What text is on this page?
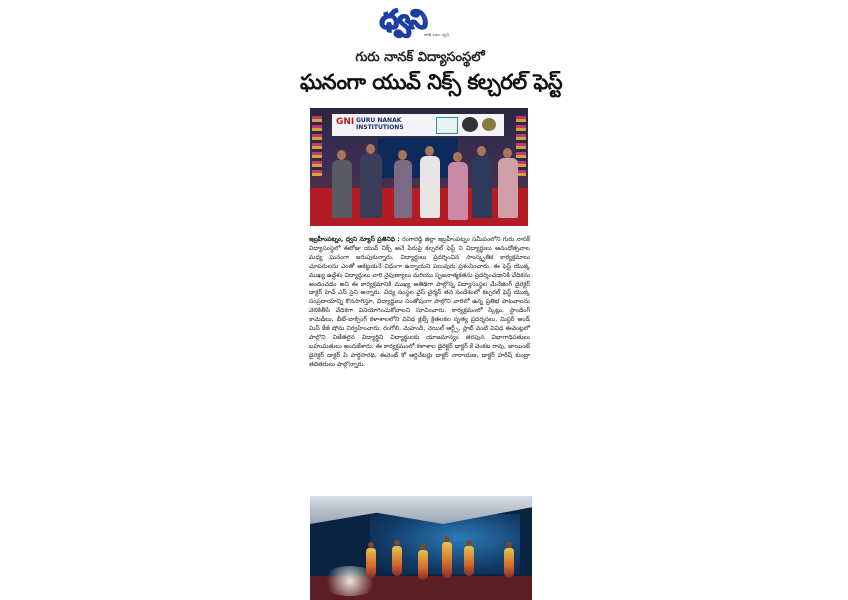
ధ్వని
జాతి బలం ధ్వని
గురు నానక్ విద్యాసంస్థలో
ఘనంగా యువ్ నిక్స్ కల్చరల్ ఫెస్ట్
GNI GURU NANAK
INSTITUTIONS
ఇబ్రహీంపట్నం, ధ్వని న్యూస్ ప్రతినిధి : రంగారెడ్డి జిల్లా ఇబ్రహీంపట్నం సమీపంలోని గురు నానక్ విద్యాసంస్థలో ఈరోజు యువ్ నిక్స్ అనే పేరుపై కల్చరల్ ఫెస్ట్ ని విద్యార్థులు ఆనందోత్సవాల మధ్య ఘనంగా జరుపుకున్నారు. విద్యార్థులు ప్రదర్శించిన సాంస్కృతిక కార్యక్రమాలు చూపరులను ఎంతో ఆకట్టుకునే విధంగా ఉన్నాయని పలువురు ప్రశంసించారు. ఈ ఫెస్ట్ యొక్క ముఖ్య ఉద్దేశం విద్యార్థులు వారి నైపుణ్యాలు మరియు సృజనాత్మకతను ప్రదర్శించడానికి వేదికను అందించడం అని ఈ కార్యక్రమానికి ముఖ్య అతిథిగా పాల్గొన్న విద్యాసంస్థల మేనేజింగ్ డైరెక్టర్ డాక్టర్ హెచ్ ఎస్ సైని అన్నారు. విద్య సంస్థల వైస్ చైర్మన్ తన సందేశంలో కల్చరల్ ఫెస్ట్ యొక్క సంప్రదాయాన్ని కొనసాగిస్తూ, విద్యార్థులు సంతోషంగా పాల్గొని వారిలో ఉన్న ప్రతిభ పాటవాలను వెలికితీసే వేదికగా వినియోగించుకోవాలని సూచించారు. కార్యక్రమంలో స్కిట్లు, స్టాండింగ్ కామెడీలు, బీట్-బాక్సింగ్ కళాశాలలోని వివిధ క్లబ్స్ క్రితలకల నృత్య ప్రదర్శనలు, మిస్టర్ అండ్ మిస్ కేజీ షోను నిర్వహించారు. రంగోలి, మెహందీ, నెయిల్ ఆర్ట్స్, స్లాట్ వంటి వివిధ ఈవెంట్లలో పాల్గొని విజేతలైన విద్యార్థిని విద్యార్థులకు యాజమాన్యం తరపున విభాగాధిపతులు బహుమతులు అందజేశారు. ఈ కార్యక్రమంలో కళాశాల డైరెక్టర్ డాక్టర్ కే వెంకట రావు, జాయింట్ డైరెక్టర్ డాక్టర్ పి పార్థసారథి, ఈవెంట్ కో ఆర్డినేటర్లు డాక్టర్ నారాయణ, డాక్టర్ హరీష్ కుంద్రా తదితరులు పాల్గొన్నారు.
